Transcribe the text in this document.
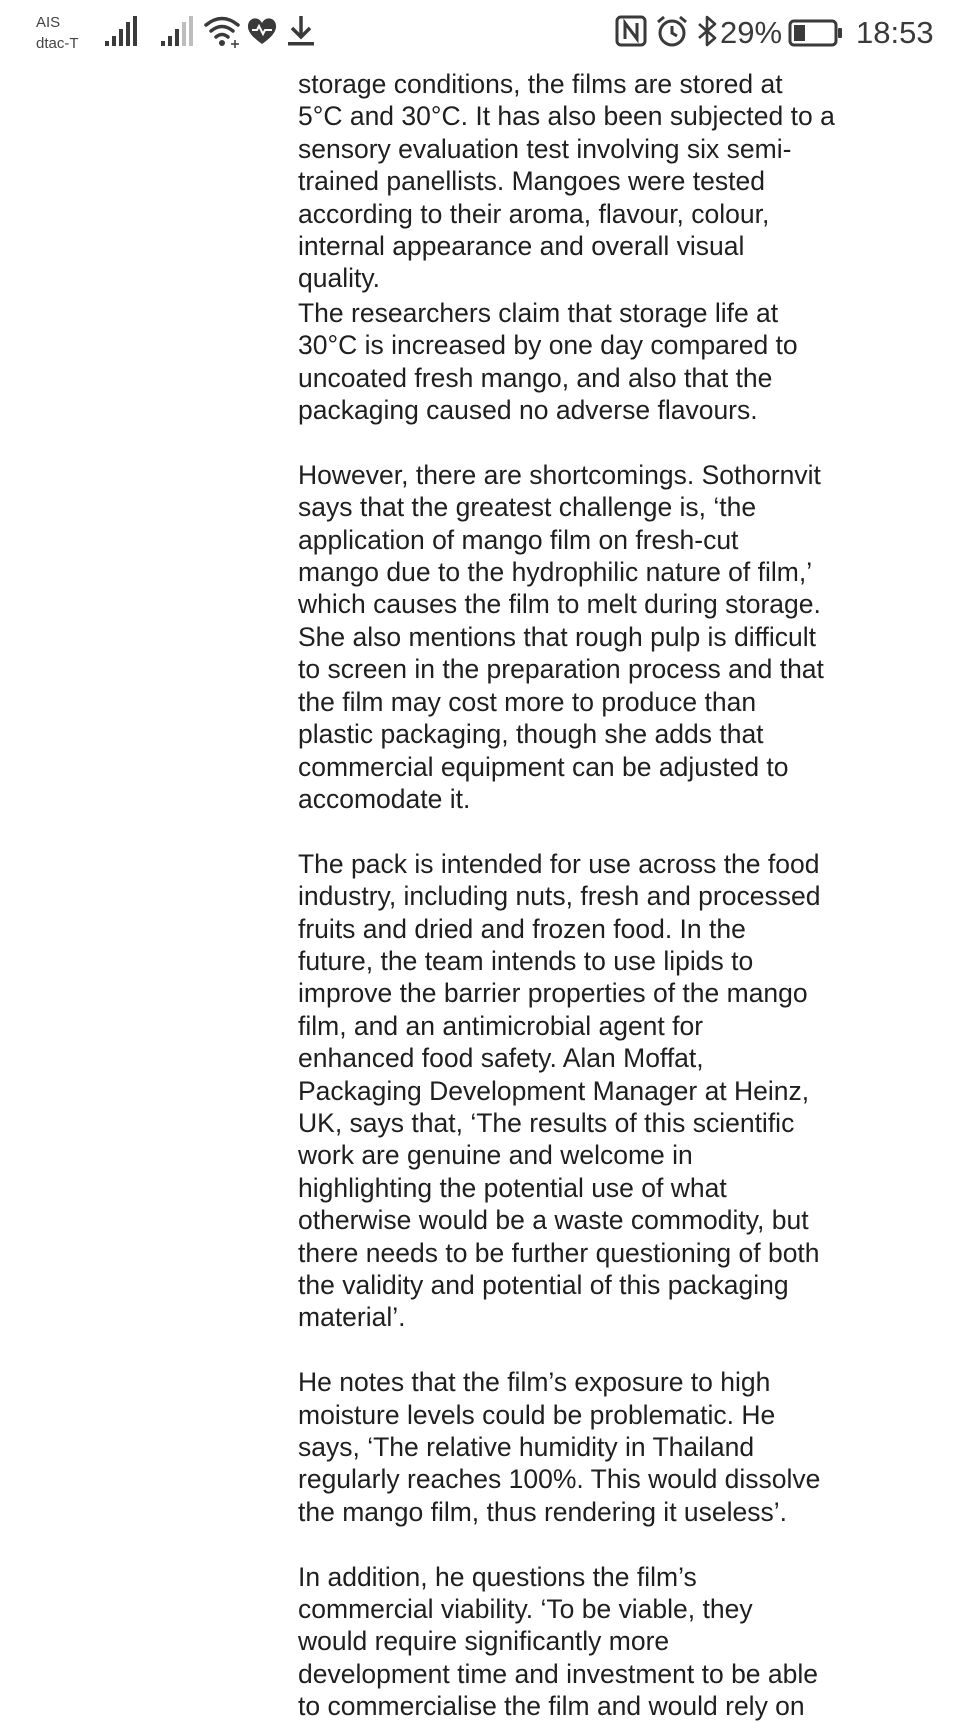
AIS
dtac-T	29% 18:53

storage conditions, the films are stored at
5°C and 30°C. It has also been subjected to a
sensory evaluation test involving six semi-
trained panellists. Mangoes were tested
according to their aroma, flavour, colour,
internal appearance and overall visual
quality.

The researchers claim that storage life at
30°C is increased by one day compared to
uncoated fresh mango, and also that the
packaging caused no adverse flavours.

However, there are shortcomings. Sothornvit
says that the greatest challenge is, ‘the
application of mango film on fresh-cut
mango due to the hydrophilic nature of film,’
which causes the film to melt during storage.
She also mentions that rough pulp is difficult
to screen in the preparation process and that
the film may cost more to produce than
plastic packaging, though she adds that
commercial equipment can be adjusted to
accomodate it.

The pack is intended for use across the food
industry, including nuts, fresh and processed
fruits and dried and frozen food. In the
future, the team intends to use lipids to
improve the barrier properties of the mango
film, and an antimicrobial agent for
enhanced food safety. Alan Moffat,
Packaging Development Manager at Heinz,
UK, says that, ‘The results of this scientific
work are genuine and welcome in
highlighting the potential use of what
otherwise would be a waste commodity, but
there needs to be further questioning of both
the validity and potential of this packaging
material’.

He notes that the film’s exposure to high
moisture levels could be problematic. He
says, ‘The relative humidity in Thailand
regularly reaches 100%. This would dissolve
the mango film, thus rendering it useless’.

In addition, he questions the film’s
commercial viability. ‘To be viable, they
would require significantly more
development time and investment to be able
to commercialise the film and would rely on
